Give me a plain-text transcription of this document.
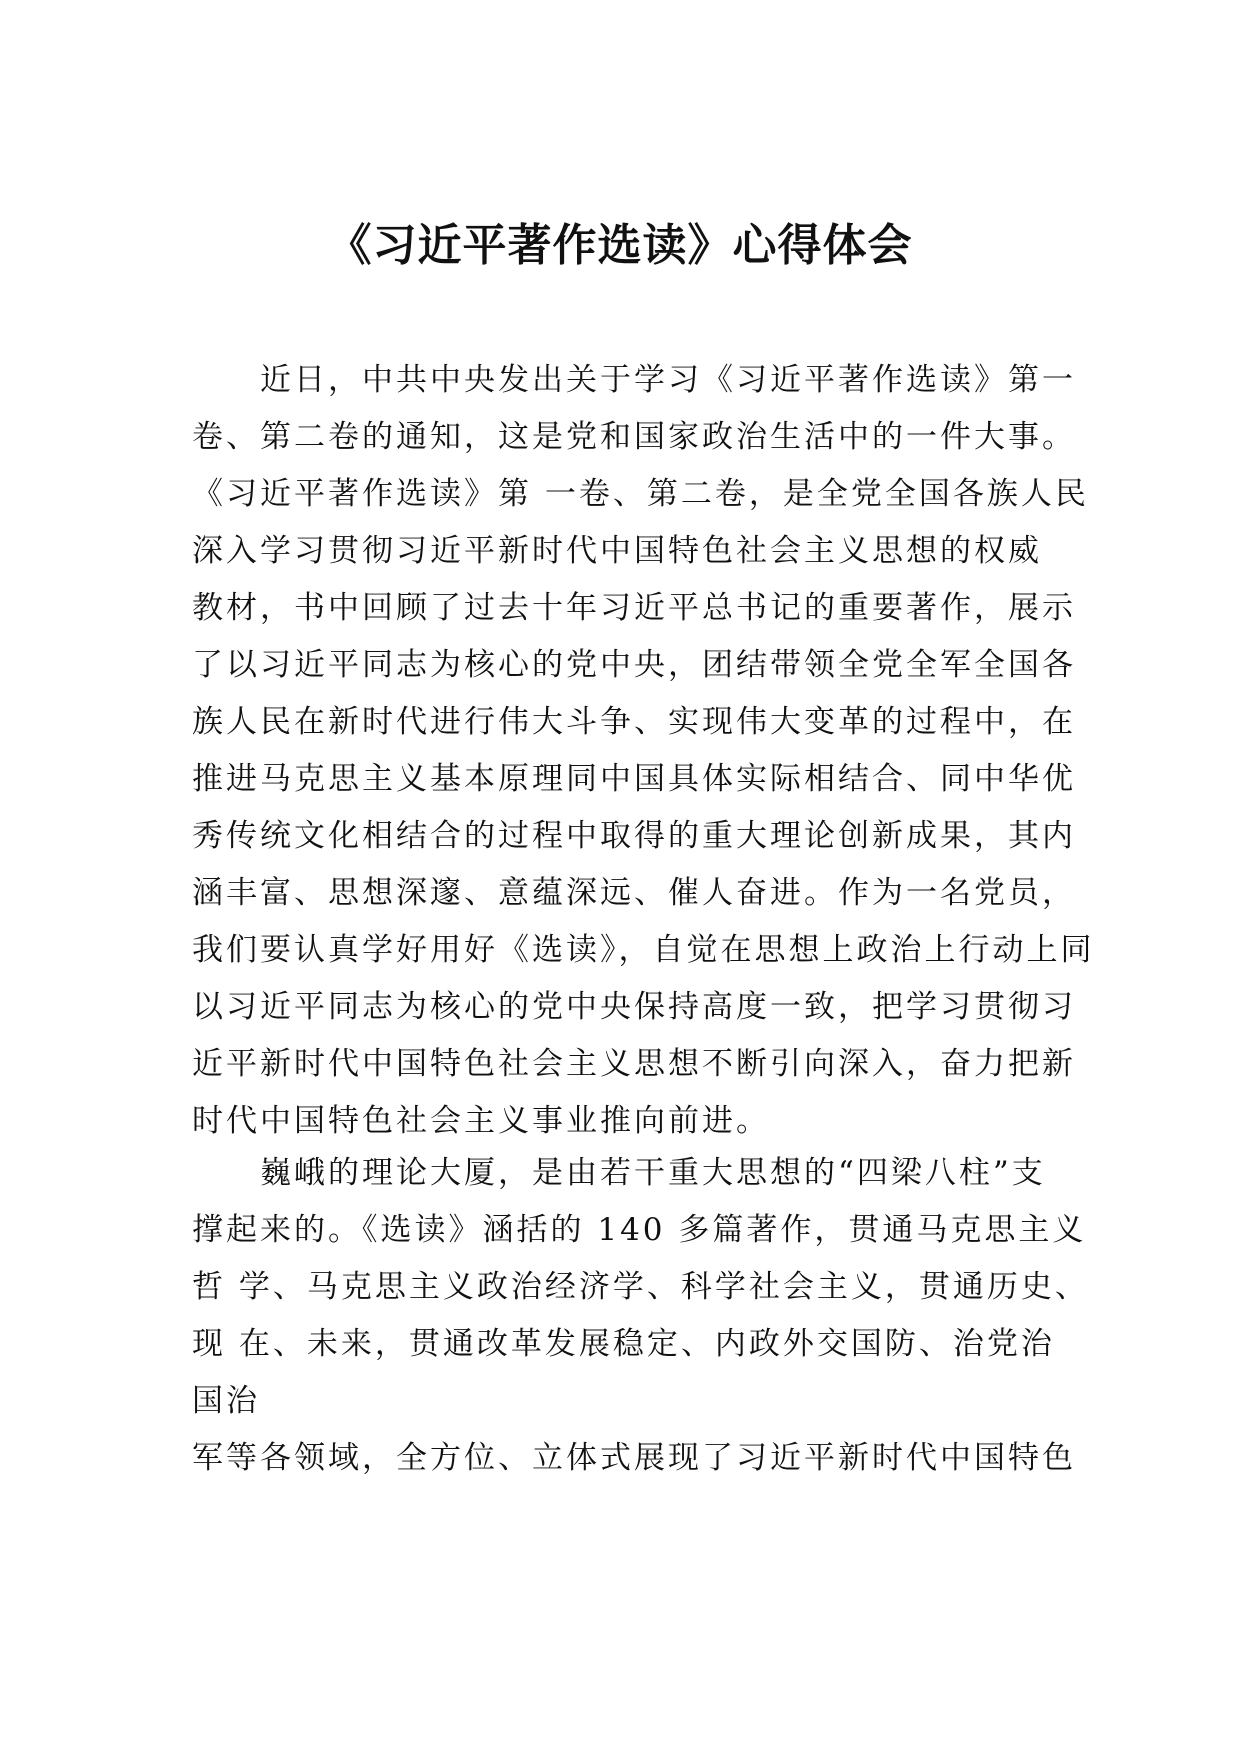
《习近平著作选读》心得体会
近日，中共中央发出关于学习《习近平著作选读》第一
卷、第二卷的通知，这是党和国家政治生活中的一件大事。
《习近平著作选读》第 一卷、第二卷，是全党全国各族人民
深入学习贯彻习近平新时代中国特色社会主义思想的权威
教材，书中回顾了过去十年习近平总书记的重要著作，展示
了以习近平同志为核心的党中央，团结带领全党全军全国各
族人民在新时代进行伟大斗争、实现伟大变革的过程中，在
推进马克思主义基本原理同中国具体实际相结合、同中华优
秀传统文化相结合的过程中取得的重大理论创新成果，其内
涵丰富、思想深邃、意蕴深远、催人奋进。作为一名党员，
我们要认真学好用好《选读》，自觉在思想上政治上行动上同
以习近平同志为核心的党中央保持高度一致，把学习贯彻习
近平新时代中国特色社会主义思想不断引向深入，奋力把新
时代中国特色社会主义事业推向前进。
巍峨的理论大厦，是由若干重大思想的“四梁八柱”支
撑起来的。《选读》涵括的 140 多篇著作，贯通马克思主义
哲 学、马克思主义政治经济学、科学社会主义，贯通历史、
现 在、未来，贯通改革发展稳定、内政外交国防、治党治
国治
军等各领域，全方位、立体式展现了习近平新时代中国特色
